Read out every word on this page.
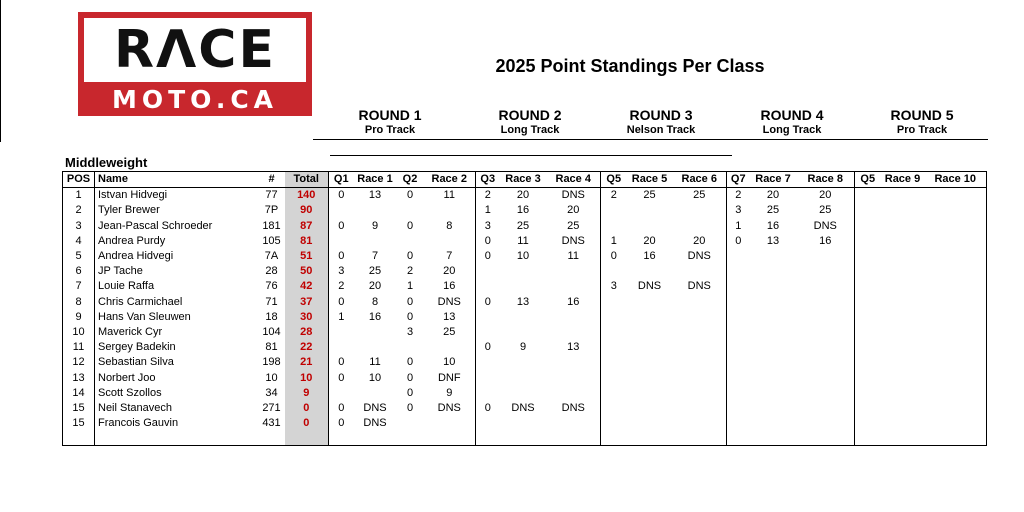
RΛCE
MOTO.CA
2025 Point Standings Per Class
ROUND 1
Pro Track
ROUND 2
Long Track
ROUND 3
Nelson Track
ROUND 4
Long Track
ROUND 5
Pro Track
Middleweight
POS	Name	#	Total	Q1	Race 1	Q2	Race 2	Q3	Race 3	Race 4	Q5	Race 5	Race 6	Q7	Race 7	Race 8	Q5	Race 9	Race 10
1	Istvan Hidvegi	77	140	0	13	0	11	2	20	DNS	2	25	25	2	20	20			
2	Tyler Brewer	7P	90					1	16	20				3	25	25			
3	Jean-Pascal Schroeder	181	87	0	9	0	8	3	25	25				1	16	DNS			
4	Andrea Purdy	105	81					0	11	DNS	1	20	20	0	13	16			
5	Andrea Hidvegi	7A	51	0	7	0	7	0	10	11	0	16	DNS						
6	JP Tache	28	50	3	25	2	20												
7	Louie Raffa	76	42	2	20	1	16				3	DNS	DNS						
8	Chris Carmichael	71	37	0	8	0	DNS	0	13	16									
9	Hans Van Sleuwen	18	30	1	16	0	13												
10	Maverick Cyr	104	28			3	25												
11	Sergey Badekin	81	22					0	9	13									
12	Sebastian Silva	198	21	0	11	0	10												
13	Norbert Joo	10	10	0	10	0	DNF												
14	Scott Szollos	34	9			0	9												
15	Neil Stanavech	271	0	0	DNS	0	DNS	0	DNS	DNS									
15	Francois Gauvin	431	0	0	DNS														
